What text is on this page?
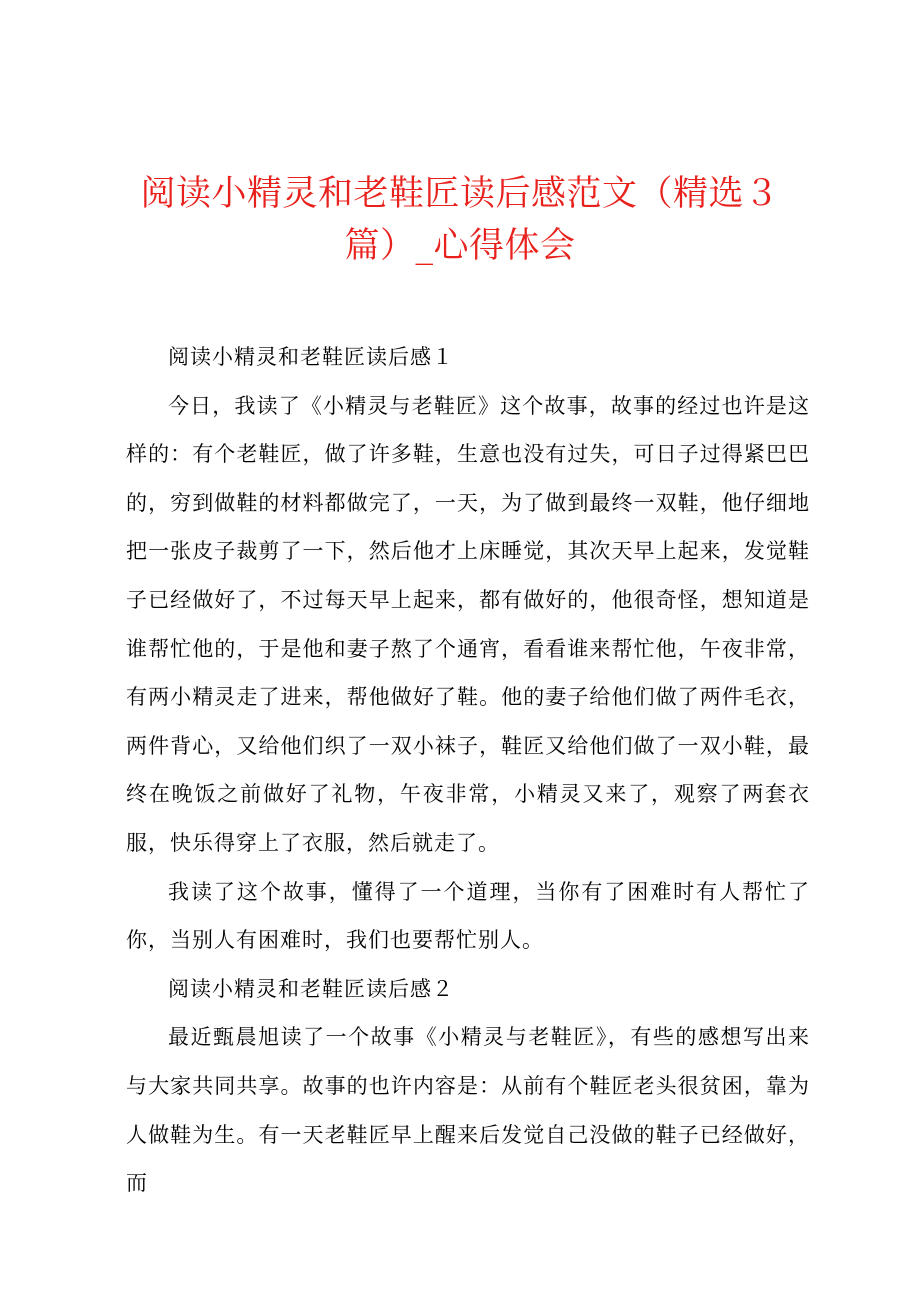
阅读小精灵和老鞋匠读后感范文（精选３篇）_心得体会

阅读小精灵和老鞋匠读后感１

今日，我读了《小精灵与老鞋匠》这个故事，故事的经过也许是这样的：有个老鞋匠，做了许多鞋，生意也没有过失，可日子过得紧巴巴的，穷到做鞋的材料都做完了，一天，为了做到最终一双鞋，他仔细地把一张皮子裁剪了一下，然后他才上床睡觉，其次天早上起来，发觉鞋子已经做好了，不过每天早上起来，都有做好的，他很奇怪，想知道是谁帮忙他的，于是他和妻子熬了个通宵，看看谁来帮忙他，午夜非常，有两小精灵走了进来，帮他做好了鞋。他的妻子给他们做了两件毛衣，两件背心，又给他们织了一双小袜子，鞋匠又给他们做了一双小鞋，最终在晚饭之前做好了礼物，午夜非常，小精灵又来了，观察了两套衣服，快乐得穿上了衣服，然后就走了。

我读了这个故事，懂得了一个道理，当你有了困难时有人帮忙了你，当别人有困难时，我们也要帮忙别人。

阅读小精灵和老鞋匠读后感２

最近甄晨旭读了一个故事《小精灵与老鞋匠》，有些的感想写出来与大家共同共享。故事的也许内容是：从前有个鞋匠老头很贫困，靠为人做鞋为生。有一天老鞋匠早上醒来后发觉自己没做的鞋子已经做好，而
